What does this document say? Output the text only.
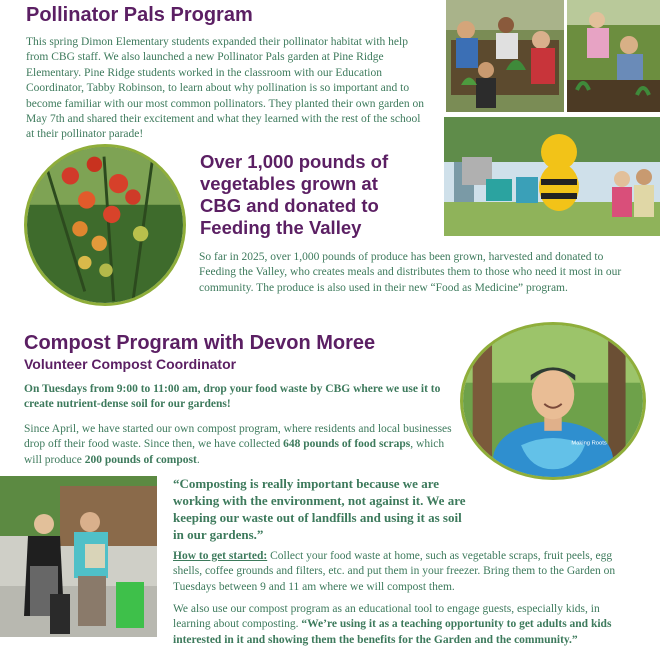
Pollinator Pals Program

This spring Dimon Elementary students expanded their pollinator habitat with help from CBG staff. We also launched a new Pollinator Pals garden at Pine Ridge Elementary. Pine Ridge students worked in the classroom with our Education Coordinator, Tabby Robinson, to learn about why pollination is so important and to become familiar with our most common pollinators. They planted their own garden on May 7th and shared their excitement and what they learned with the rest of the school at their pollinator parade!

Over 1,000 pounds of vegetables grown at CBG and donated to Feeding the Valley

So far in 2025, over 1,000 pounds of produce has been grown, harvested and donated to Feeding the Valley, who creates meals and distributes them to those who need it most in our community. The produce is also used in their new “Food as Medicine” program.

Compost Program with Devon Moree
Volunteer Compost Coordinator

On Tuesdays from 9:00 to 11:00 am, drop your food waste by CBG where we use it to create nutrient-dense soil for our gardens!

Since April, we have started our own compost program, where residents and local businesses drop off their food waste. Since then, we have collected 648 pounds of food scraps, which will produce 200 pounds of compost.

Making Roots

“Composting is really important because we are working with the environment, not against it. We are keeping our waste out of landfills and using it as soil in our gardens.”

How to get started: Collect your food waste at home, such as vegetable scraps, fruit peels, egg shells, coffee grounds and filters, etc. and put them in your freezer. Bring them to the Garden on Tuesdays between 9 and 11 am where we will compost them.

We also use our compost program as an educational tool to engage guests, especially kids, in learning about composting. “We’re using it as a teaching opportunity to get adults and kids interested in it and showing them the benefits for the Garden and the community.”
